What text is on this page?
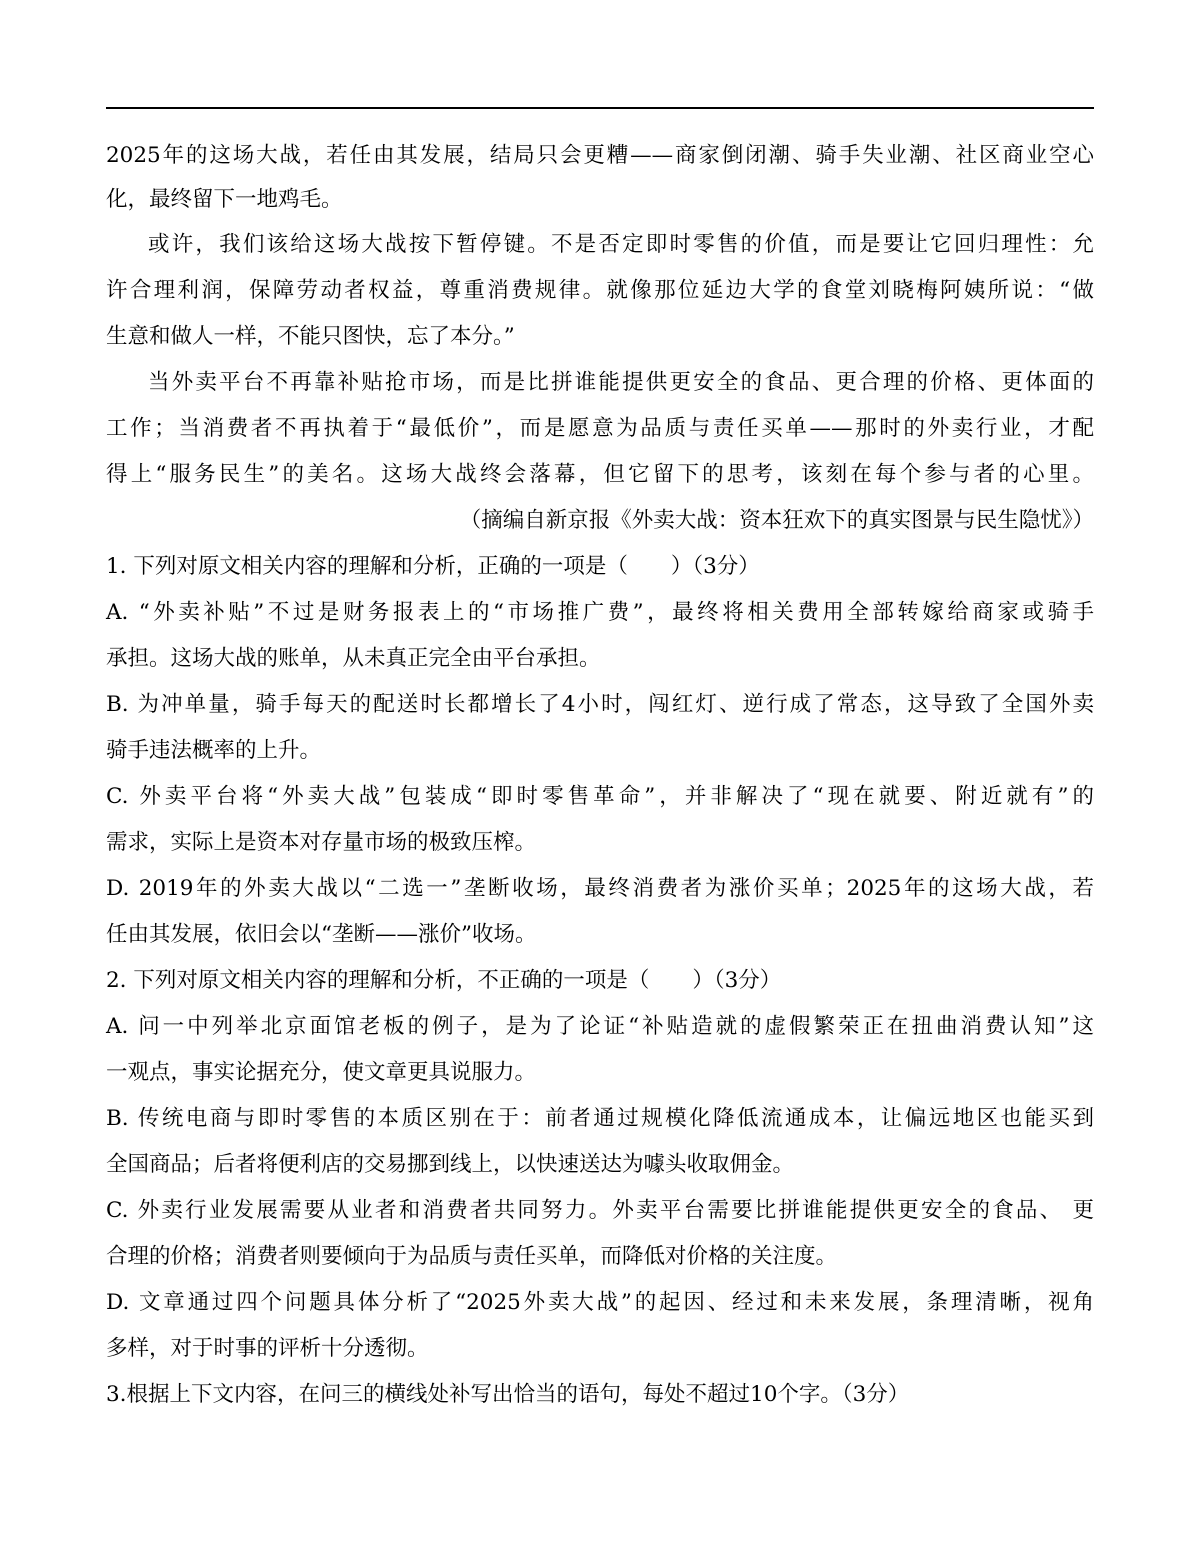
2025年的这场大战，若任由其发展，结局只会更糟——商家倒闭潮、骑手失业潮、社区商业空心
化，最终留下一地鸡毛。
或许，我们该给这场大战按下暂停键。不是否定即时零售的价值，而是要让它回归理性：允
许合理利润，保障劳动者权益，尊重消费规律。就像那位延边大学的食堂刘晓梅阿姨所说：“做
生意和做人一样，不能只图快，忘了本分。”
当外卖平台不再靠补贴抢市场，而是比拼谁能提供更安全的食品、更合理的价格、更体面的
工作；当消费者不再执着于“最低价”，而是愿意为品质与责任买单——那时的外卖行业，才配
得上“服务民生”的美名。这场大战终会落幕，但它留下的思考，该刻在每个参与者的心里。
（摘编自新京报《外卖大战：资本狂欢下的真实图景与民生隐忧》）
1. 下列对原文相关内容的理解和分析，正确的一项是（　　）（3分）
A. “外卖补贴”不过是财务报表上的“市场推广费”，最终将相关费用全部转嫁给商家或骑手
承担。这场大战的账单，从未真正完全由平台承担。
B. 为冲单量，骑手每天的配送时长都增长了4小时，闯红灯、逆行成了常态，这导致了全国外卖
骑手违法概率的上升。
C. 外卖平台将“外卖大战”包装成“即时零售革命”，并非解决了“现在就要、附近就有”的
需求，实际上是资本对存量市场的极致压榨。
D. 2019年的外卖大战以“二选一”垄断收场，最终消费者为涨价买单；2025年的这场大战，若
任由其发展，依旧会以“垄断——涨价”收场。
2. 下列对原文相关内容的理解和分析，不正确的一项是（　　）（3分）
A. 问一中列举北京面馆老板的例子，是为了论证“补贴造就的虚假繁荣正在扭曲消费认知”这
一观点，事实论据充分，使文章更具说服力。
B. 传统电商与即时零售的本质区别在于：前者通过规模化降低流通成本，让偏远地区也能买到
全国商品；后者将便利店的交易挪到线上，以快速送达为噱头收取佣金。
C. 外卖行业发展需要从业者和消费者共同努力。外卖平台需要比拼谁能提供更安全的食品、 更
合理的价格；消费者则要倾向于为品质与责任买单，而降低对价格的关注度。
D. 文章通过四个问题具体分析了“2025外卖大战”的起因、经过和未来发展，条理清晰，视角
多样，对于时事的评析十分透彻。
3.根据上下文内容，在问三的横线处补写出恰当的语句，每处不超过10个字。（3分）
